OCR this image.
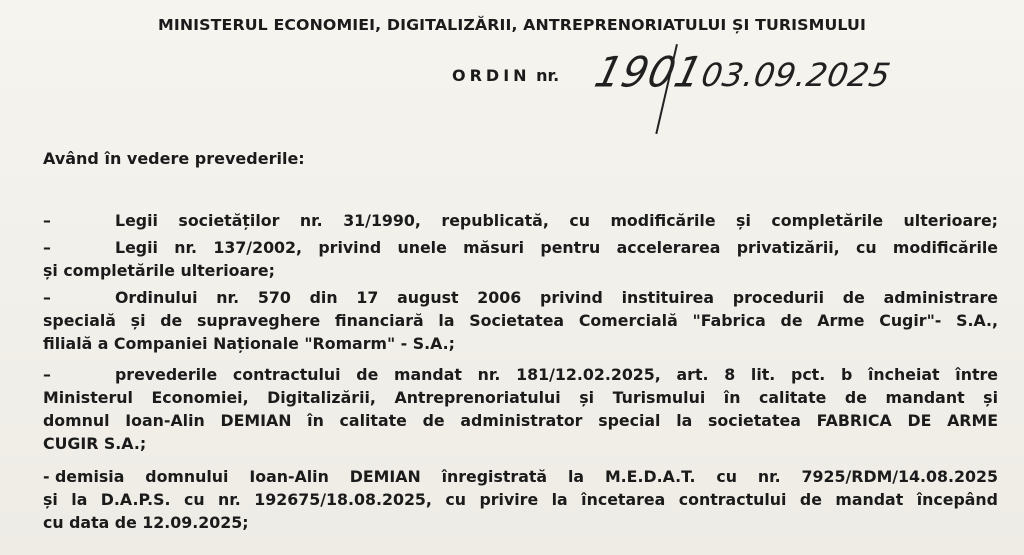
MINISTERUL ECONOMIEI, DIGITALIZĂRII, ANTREPRENORIATULUI ȘI TURISMULUI
ORDIN nr. 1901
03.09.2025
Având în vedere prevederile:
–	Legii societăților nr. 31/1990, republicată, cu modificările și completările ulterioare;
–	Legii nr. 137/2002, privind unele măsuri pentru accelerarea privatizării, cu modificările
și completările ulterioare;
–	Ordinului nr. 570 din 17 august 2006 privind instituirea procedurii de administrare
specială și de supraveghere financiară la Societatea Comercială "Fabrica de Arme Cugir"- S.A.,
filială a Companiei Naționale "Romarm" - S.A.;
–	prevederile contractului de mandat nr. 181/12.02.2025, art. 8 lit. pct. b încheiat între
Ministerul Economiei, Digitalizării, Antreprenoriatului și Turismului în calitate de mandant și
domnul Ioan-Alin DEMIAN în calitate de administrator special la societatea FABRICA DE ARME
CUGIR S.A.;
- demisia domnului Ioan-Alin DEMIAN înregistrată la M.E.D.A.T. cu nr. 7925/RDM/14.08.2025
și la D.A.P.S. cu nr. 192675/18.08.2025, cu privire la încetarea contractului de mandat începând
cu data de 12.09.2025;
